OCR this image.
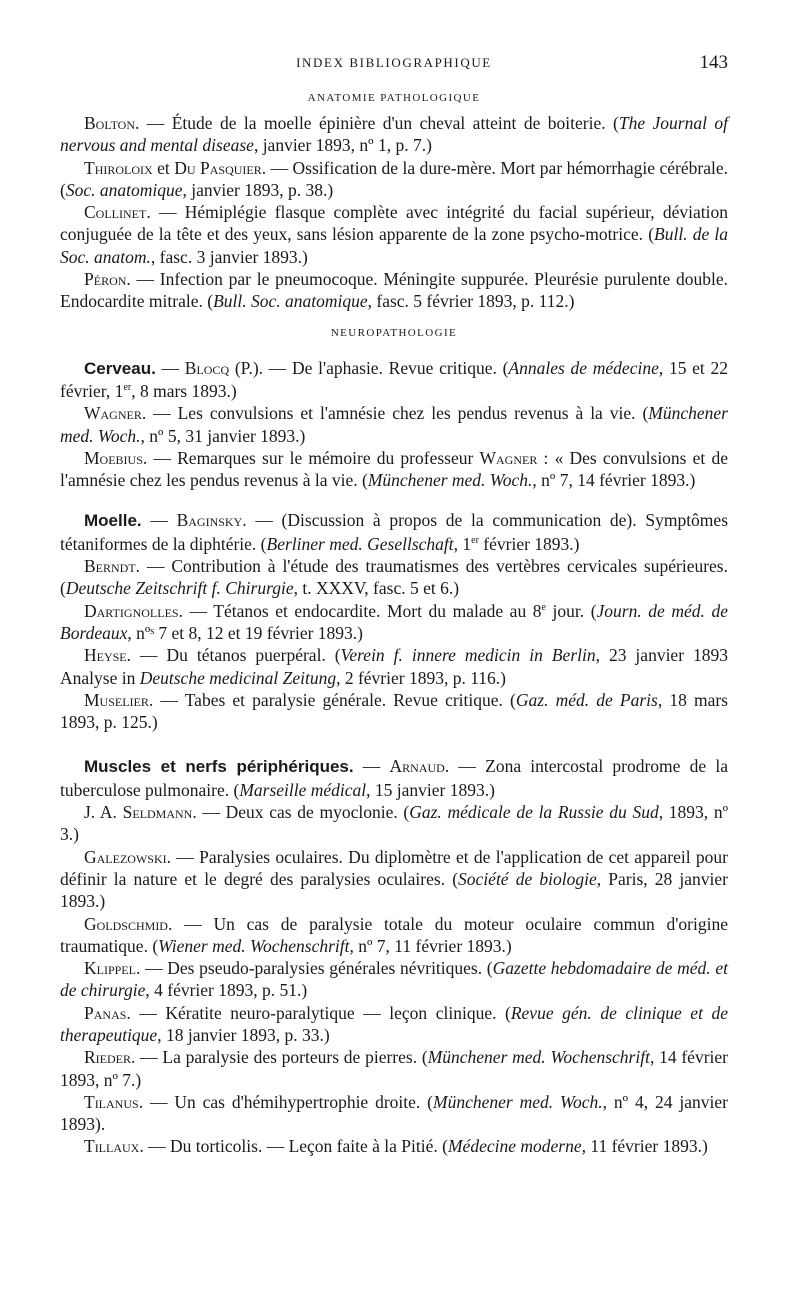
INDEX BIBLIOGRAPHIQUE	143
ANATOMIE PATHOLOGIQUE

Bolton. — Étude de la moelle épinière d'un cheval atteint de boiterie. (The Journal of nervous and mental disease, janvier 1893, nº 1, p. 7.)

Thiroloix et Du Pasquier. — Ossification de la dure-mère. Mort par hémorrhagie cérébrale. (Soc. anatomique, janvier 1893, p. 38.)

Collinet. — Hémiplégie flasque complète avec intégrité du facial supérieur, déviation conjuguée de la tête et des yeux, sans lésion apparente de la zone psycho-motrice. (Bull. de la Soc. anatom., fasc. 3 janvier 1893.)

Péron. — Infection par le pneumocoque. Méningite suppurée. Pleurésie purulente double. Endocardite mitrale. (Bull. Soc. anatomique, fasc. 5 février 1893, p. 112.)

NEUROPATHOLOGIE

Cerveau. — Blocq (P.). — De l'aphasie. Revue critique. (Annales de médecine, 15 et 22 février, 1er, 8 mars 1893.)

Wagner. — Les convulsions et l'amnésie chez les pendus revenus à la vie. (Münchener med. Woch., nº 5, 31 janvier 1893.)

Moebius. — Remarques sur le mémoire du professeur Wagner : « Des convulsions et de l'amnésie chez les pendus revenus à la vie. (Münchener med. Woch., nº 7, 14 février 1893.)

Moelle. — Baginsky. — (Discussion à propos de la communication de). Symptômes tétaniformes de la diphtérie. (Berliner med. Gesellschaft, 1er février 1893.)

Berndt. — Contribution à l'étude des traumatismes des vertèbres cervicales supérieures. (Deutsche Zeitschrift f. Chirurgie, t. XXXV, fasc. 5 et 6.)

Dartignolles. — Tétanos et endocardite. Mort du malade au 8e jour. (Journ. de méd. de Bordeaux, nºˢ 7 et 8, 12 et 19 février 1893.)

Heyse. — Du tétanos puerpéral. (Verein f. innere medicin in Berlin, 23 janvier 1893 Analyse in Deutsche medicinal Zeitung, 2 février 1893, p. 116.)

Muselier. — Tabes et paralysie générale. Revue critique. (Gaz. méd. de Paris, 18 mars 1893, p. 125.)

Muscles et nerfs périphériques. — Arnaud. — Zona intercostal prodrome de la tuberculose pulmonaire. (Marseille médical, 15 janvier 1893.)

J. A. Seldmann. — Deux cas de myoclonie. (Gaz. médicale de la Russie du Sud, 1893, nº 3.)

Galezowski. — Paralysies oculaires. Du diplomètre et de l'application de cet appareil pour définir la nature et le degré des paralysies oculaires. (Société de biologie, Paris, 28 janvier 1893.)

Goldschmid. — Un cas de paralysie totale du moteur oculaire commun d'origine traumatique. (Wiener med. Wochenschrift, nº 7, 11 février 1893.)

Klippel. — Des pseudo-paralysies générales névritiques. (Gazette hebdomadaire de méd. et de chirurgie, 4 février 1893, p. 51.)

Panas. — Kératite neuro-paralytique — leçon clinique. (Revue gén. de clinique et de therapeutique, 18 janvier 1893, p. 33.)

Rieder. — La paralysie des porteurs de pierres. (Münchener med. Wochenschrift, 14 février 1893, nº 7.)

Tilanus. — Un cas d'hémihypertrophie droite. (Münchener med. Woch., nº 4, 24 janvier 1893).

Tillaux. — Du torticolis. — Leçon faite à la Pitié. (Médecine moderne, 11 février 1893.)
